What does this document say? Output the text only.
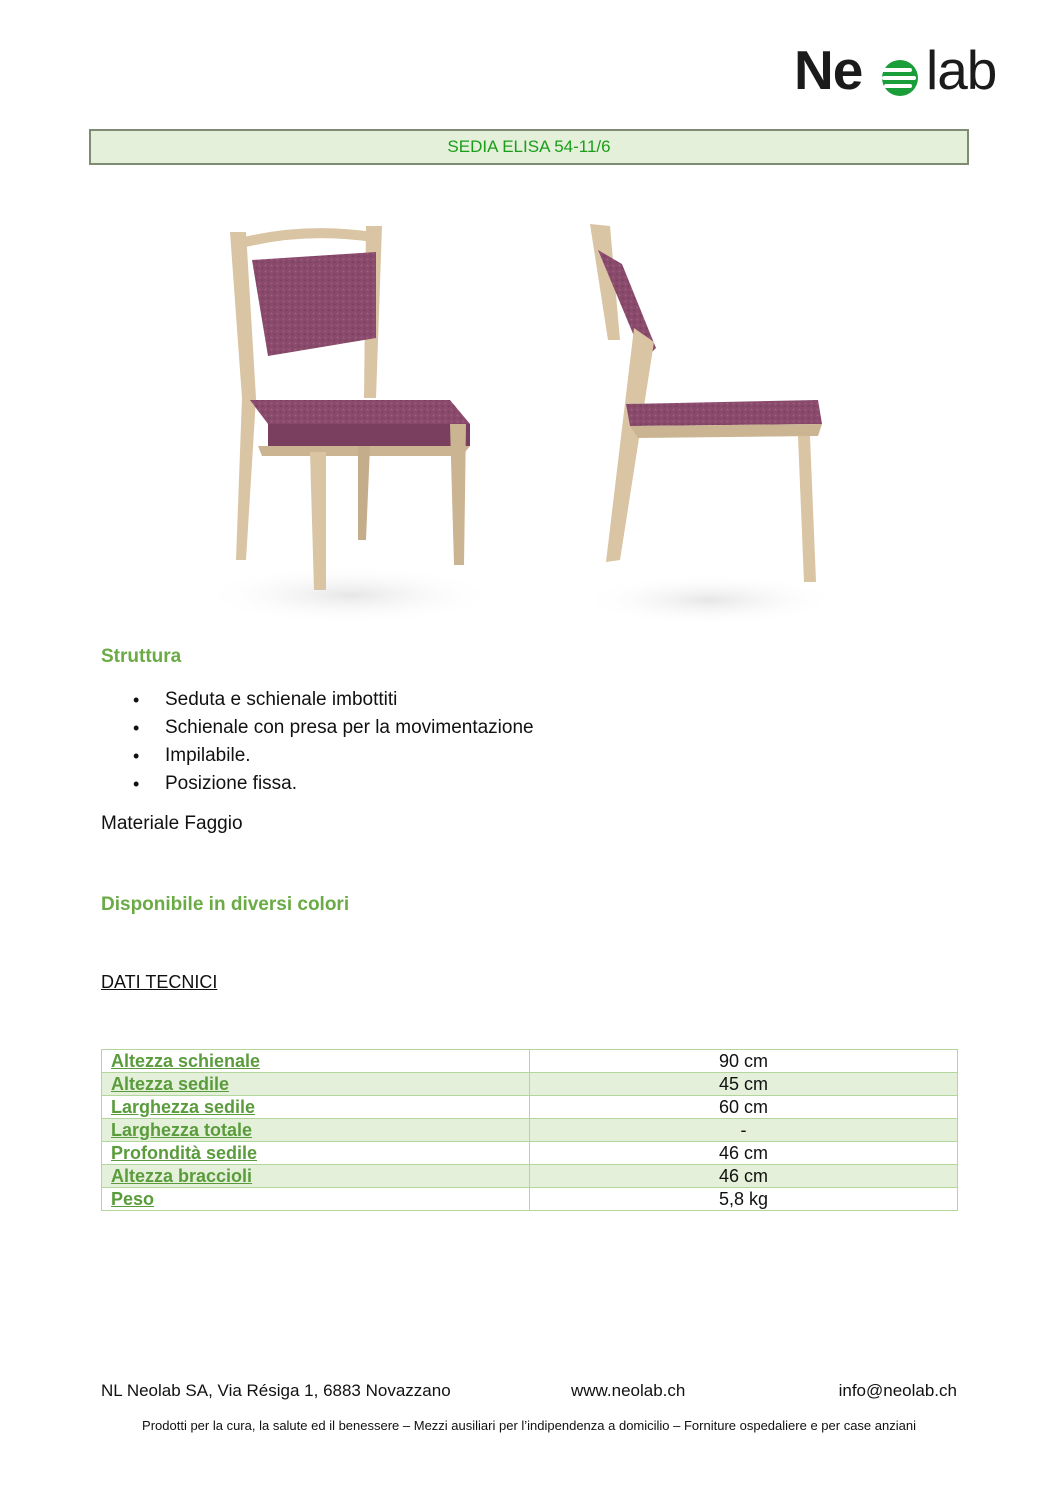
Ne lab
SEDIA ELISA 54-11/6
Struttura
• Seduta e schienale imbottiti
• Schienale con presa per la movimentazione
• Impilabile.
• Posizione fissa.
Materiale Faggio
Disponibile in diversi colori
DATI TECNICI
Altezza schienale	90 cm
Altezza sedile	45 cm
Larghezza sedile	60 cm
Larghezza totale	-
Profondità sedile	46 cm
Altezza braccioli	46 cm
Peso	5,8 kg
NL Neolab SA, Via Résiga 1, 6883 Novazzano	www.neolab.ch	info@neolab.ch
Prodotti per la cura, la salute ed il benessere – Mezzi ausiliari per l’indipendenza a domicilio – Forniture ospedaliere e per case anziani
